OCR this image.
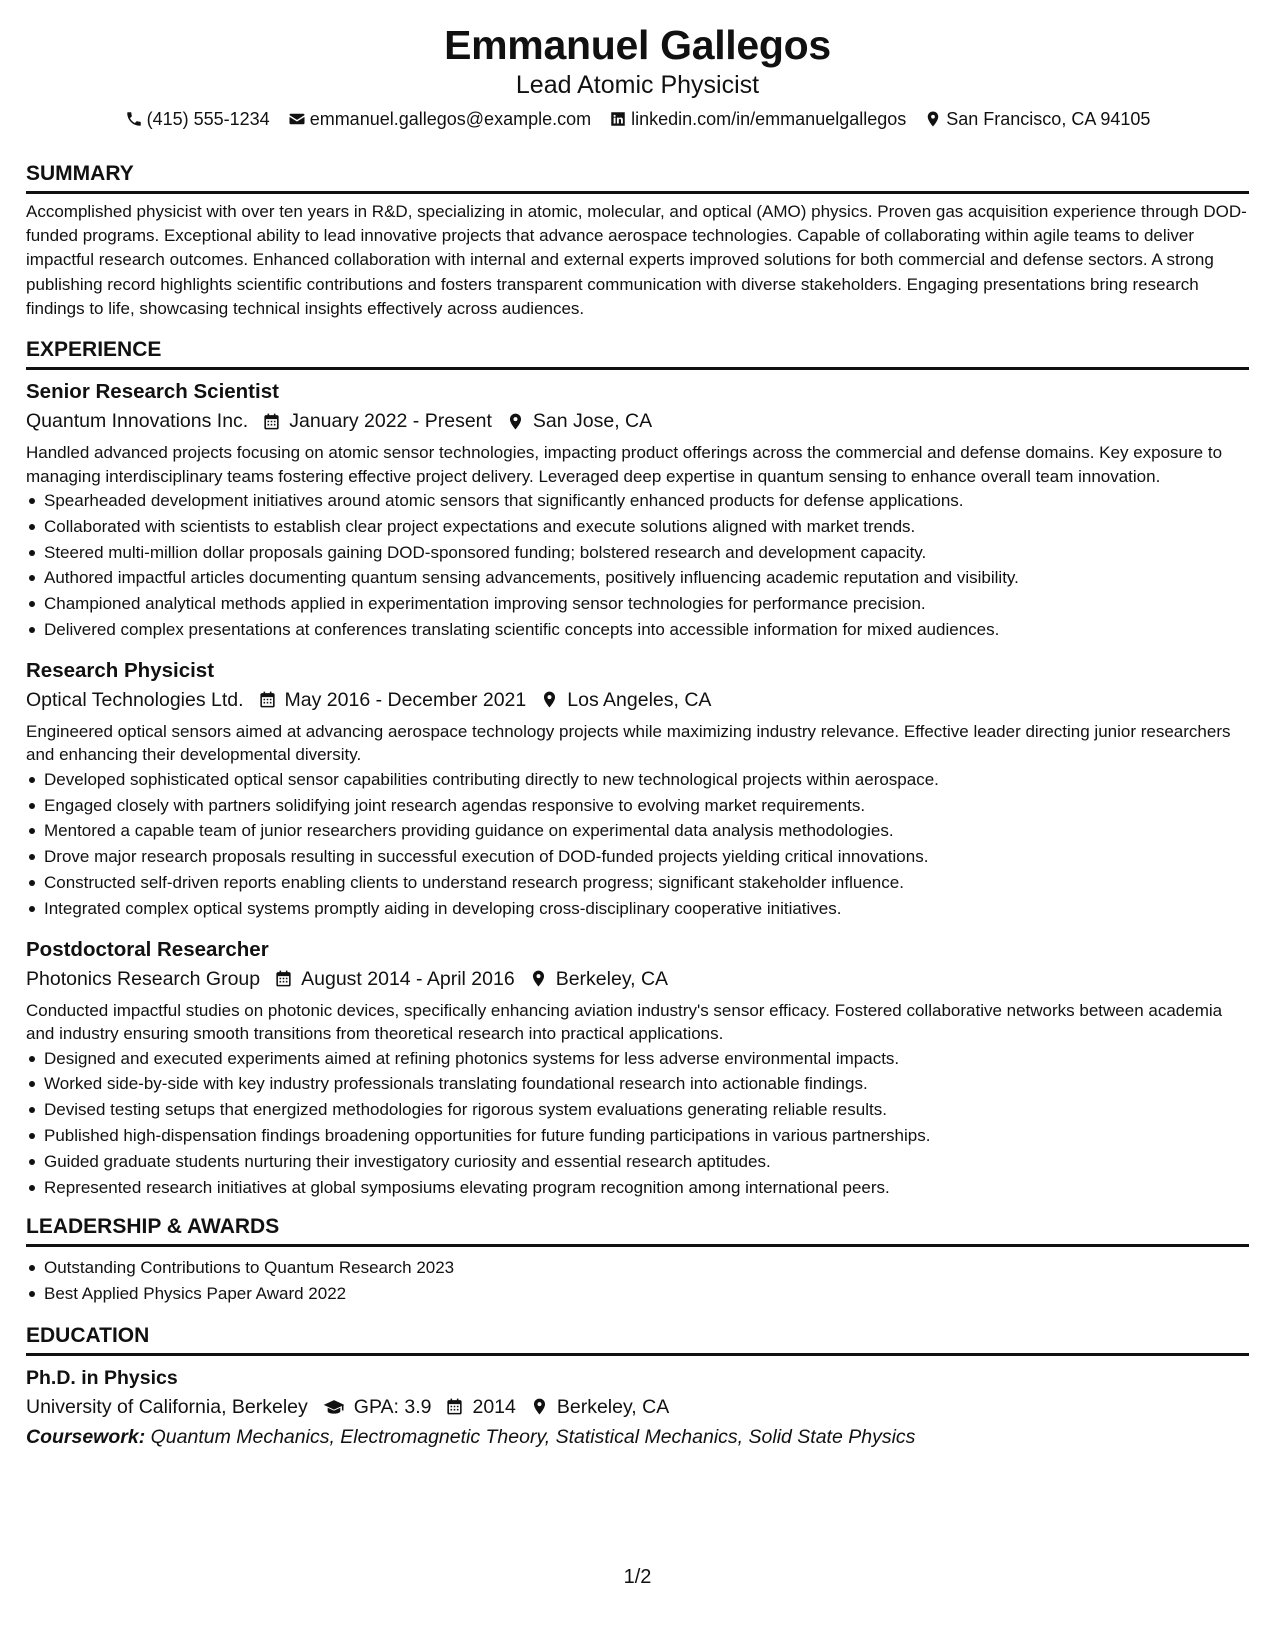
Emmanuel Gallegos
Lead Atomic Physicist
(415) 555-1234 emmanuel.gallegos@example.com linkedin.com/in/emmanuelgallegos San Francisco, CA 94105
SUMMARY
Accomplished physicist with over ten years in R&D, specializing in atomic, molecular, and optical (AMO) physics. Proven gas acquisition experience through DOD-funded programs. Exceptional ability to lead innovative projects that advance aerospace technologies. Capable of collaborating within agile teams to deliver impactful research outcomes. Enhanced collaboration with internal and external experts improved solutions for both commercial and defense sectors. A strong publishing record highlights scientific contributions and fosters transparent communication with diverse stakeholders. Engaging presentations bring research findings to life, showcasing technical insights effectively across audiences.
EXPERIENCE
Senior Research Scientist
Quantum Innovations Inc. January 2022 - Present San Jose, CA
Handled advanced projects focusing on atomic sensor technologies, impacting product offerings across the commercial and defense domains. Key exposure to managing interdisciplinary teams fostering effective project delivery. Leveraged deep expertise in quantum sensing to enhance overall team innovation.
Spearheaded development initiatives around atomic sensors that significantly enhanced products for defense applications.
Collaborated with scientists to establish clear project expectations and execute solutions aligned with market trends.
Steered multi-million dollar proposals gaining DOD-sponsored funding; bolstered research and development capacity.
Authored impactful articles documenting quantum sensing advancements, positively influencing academic reputation and visibility.
Championed analytical methods applied in experimentation improving sensor technologies for performance precision.
Delivered complex presentations at conferences translating scientific concepts into accessible information for mixed audiences.
Research Physicist
Optical Technologies Ltd. May 2016 - December 2021 Los Angeles, CA
Engineered optical sensors aimed at advancing aerospace technology projects while maximizing industry relevance. Effective leader directing junior researchers and enhancing their developmental diversity.
Developed sophisticated optical sensor capabilities contributing directly to new technological projects within aerospace.
Engaged closely with partners solidifying joint research agendas responsive to evolving market requirements.
Mentored a capable team of junior researchers providing guidance on experimental data analysis methodologies.
Drove major research proposals resulting in successful execution of DOD-funded projects yielding critical innovations.
Constructed self-driven reports enabling clients to understand research progress; significant stakeholder influence.
Integrated complex optical systems promptly aiding in developing cross-disciplinary cooperative initiatives.
Postdoctoral Researcher
Photonics Research Group August 2014 - April 2016 Berkeley, CA
Conducted impactful studies on photonic devices, specifically enhancing aviation industry's sensor efficacy. Fostered collaborative networks between academia and industry ensuring smooth transitions from theoretical research into practical applications.
Designed and executed experiments aimed at refining photonics systems for less adverse environmental impacts.
Worked side-by-side with key industry professionals translating foundational research into actionable findings.
Devised testing setups that energized methodologies for rigorous system evaluations generating reliable results.
Published high-dispensation findings broadening opportunities for future funding participations in various partnerships.
Guided graduate students nurturing their investigatory curiosity and essential research aptitudes.
Represented research initiatives at global symposiums elevating program recognition among international peers.
LEADERSHIP & AWARDS
Outstanding Contributions to Quantum Research 2023
Best Applied Physics Paper Award 2022
EDUCATION
Ph.D. in Physics
University of California, Berkeley GPA: 3.9 2014 Berkeley, CA
Coursework: Quantum Mechanics, Electromagnetic Theory, Statistical Mechanics, Solid State Physics
1/2
